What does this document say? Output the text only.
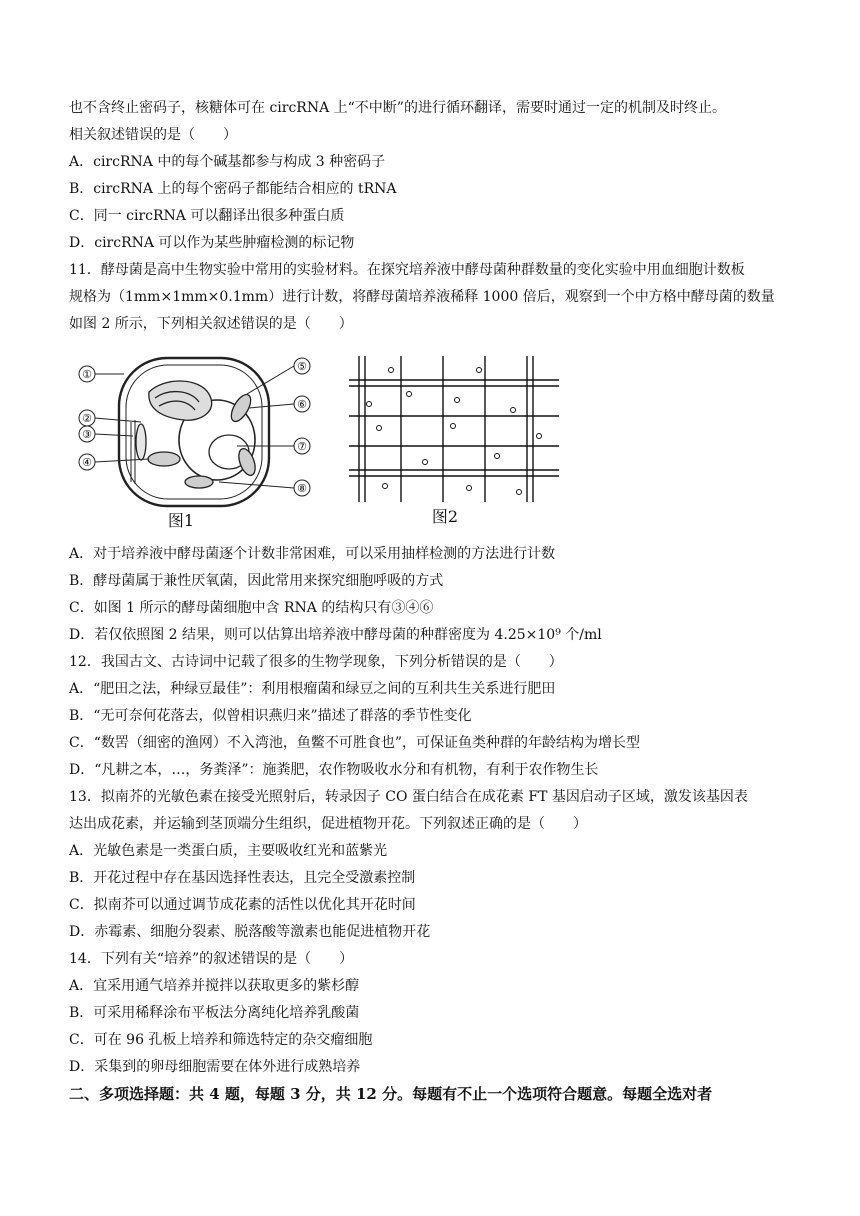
也不含终止密码子，核糖体可在 circRNA 上“不中断”的进行循环翻译，需要时通过一定的机制及时终止。
相关叙述错误的是（　　）
A．circRNA 中的每个碱基都参与构成 3 种密码子
B．circRNA 上的每个密码子都能结合相应的 tRNA
C．同一 circRNA 可以翻译出很多种蛋白质
D．circRNA 可以作为某些肿瘤检测的标记物
11．酵母菌是高中生物实验中常用的实验材料。在探究培养液中酵母菌种群数量的变化实验中用血细胞计数板
规格为（1mm×1mm×0.1mm）进行计数，将酵母菌培养液稀释 1000 倍后，观察到一个中方格中酵母菌的数量
如图 2 所示，下列相关叙述错误的是（　　）
①
②
③
④
⑤
⑥
⑦
⑧
图1	图2
A．对于培养液中酵母菌逐个计数非常困难，可以采用抽样检测的方法进行计数
B．酵母菌属于兼性厌氧菌，因此常用来探究细胞呼吸的方式
C．如图 1 所示的酵母菌细胞中含 RNA 的结构只有③④⑥
D．若仅依照图 2 结果，则可以估算出培养液中酵母菌的种群密度为 4.25×10⁹ 个/ml
12．我国古文、古诗词中记载了很多的生物学现象，下列分析错误的是（　　）
A．“肥田之法，种绿豆最佳”：利用根瘤菌和绿豆之间的互利共生关系进行肥田
B．“无可奈何花落去，似曾相识燕归来”描述了群落的季节性变化
C．“数罟（细密的渔网）不入湾池，鱼鳖不可胜食也”，可保证鱼类种群的年龄结构为增长型
D．“凡耕之本，…，务粪泽”：施粪肥，农作物吸收水分和有机物，有利于农作物生长
13．拟南芥的光敏色素在接受光照射后，转录因子 CO 蛋白结合在成花素 FT 基因启动子区域，激发该基因表
达出成花素，并运输到茎顶端分生组织，促进植物开花。下列叙述正确的是（　　）
A．光敏色素是一类蛋白质，主要吸收红光和蓝紫光
B．开花过程中存在基因选择性表达，且完全受激素控制
C．拟南芥可以通过调节成花素的活性以优化其开花时间
D．赤霉素、细胞分裂素、脱落酸等激素也能促进植物开花
14．下列有关“培养”的叙述错误的是（　　）
A．宜采用通气培养并搅拌以获取更多的紫杉醇
B．可采用稀释涂布平板法分离纯化培养乳酸菌
C．可在 96 孔板上培养和筛选特定的杂交瘤细胞
D．采集到的卵母细胞需要在体外进行成熟培养
二、多项选择题：共 4 题，每题 3 分，共 12 分。每题有不止一个选项符合题意。每题全选对者
